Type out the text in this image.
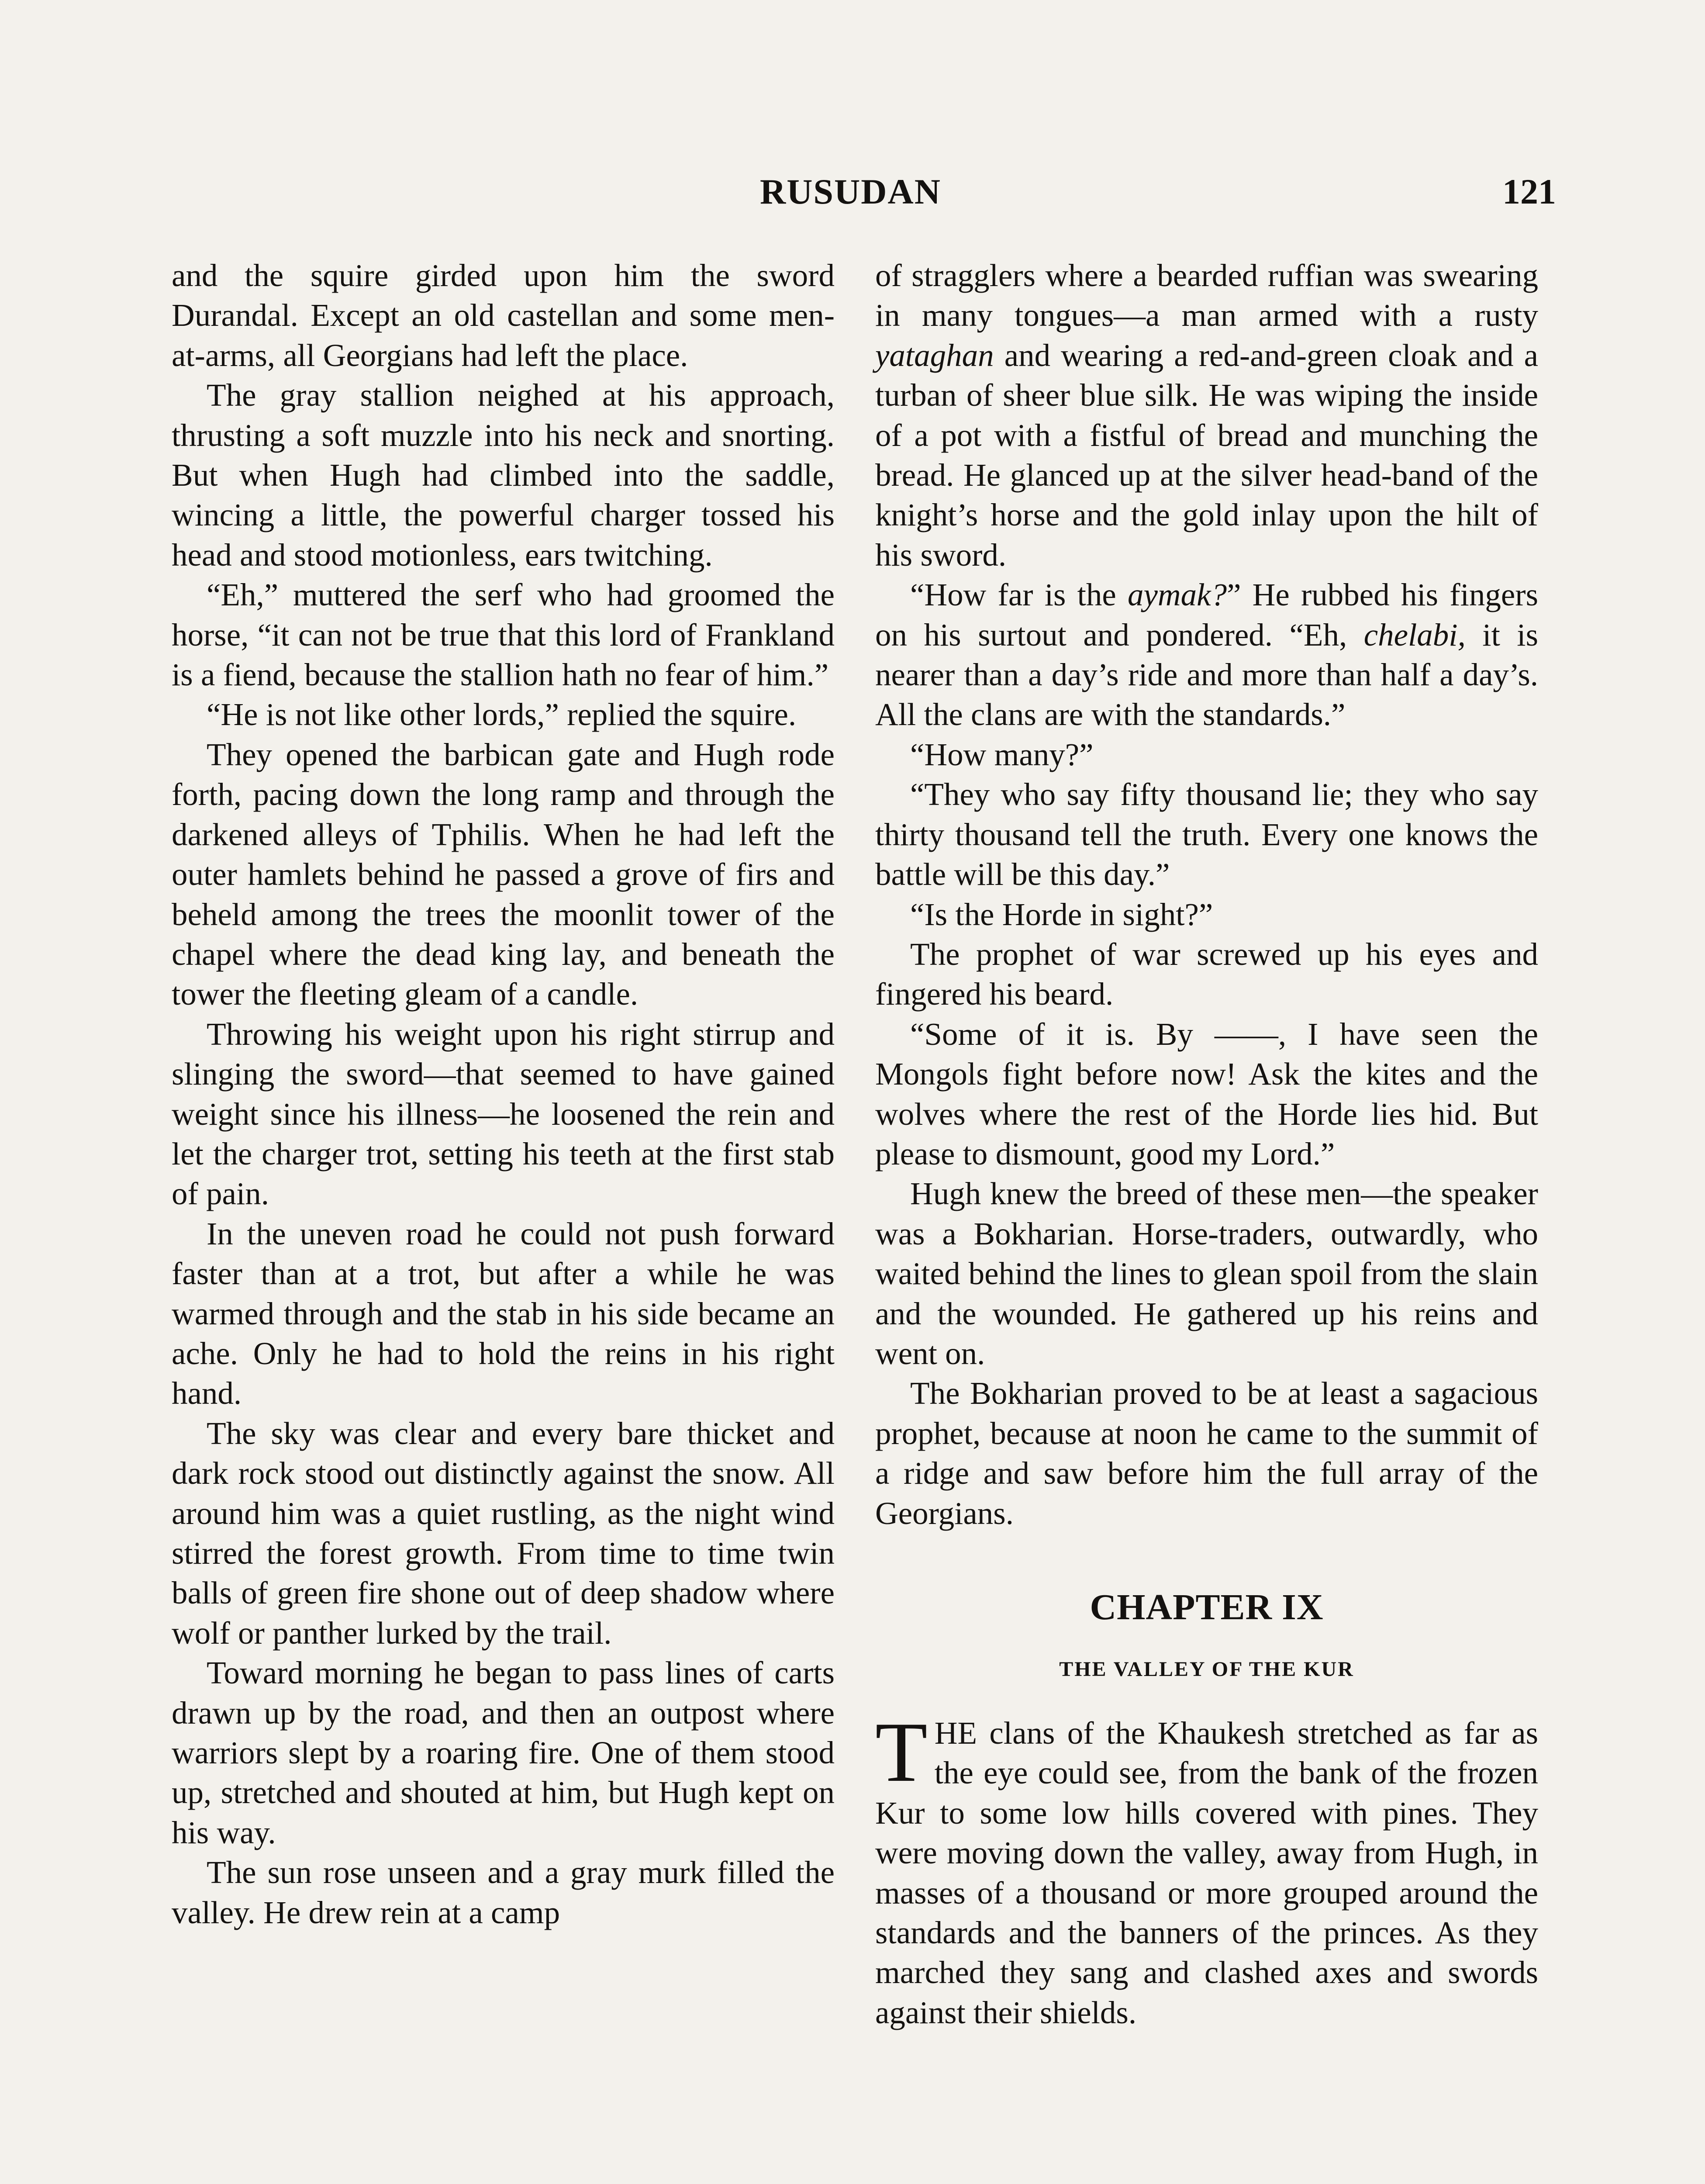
RUSUDAN	121

and the squire girded upon him the sword Durandal. Except an old castellan and some men-at-arms, all Georgians had left the place.

The gray stallion neighed at his approach, thrusting a soft muzzle into his neck and snorting. But when Hugh had climbed into the saddle, wincing a little, the powerful charger tossed his head and stood motionless, ears twitching.

“Eh,” muttered the serf who had groomed the horse, “it can not be true that this lord of Frankland is a fiend, because the stallion hath no fear of him.”

“He is not like other lords,” replied the squire.

They opened the barbican gate and Hugh rode forth, pacing down the long ramp and through the darkened alleys of Tphilis. When he had left the outer hamlets behind he passed a grove of firs and beheld among the trees the moonlit tower of the chapel where the dead king lay, and beneath the tower the fleeting gleam of a candle.

Throwing his weight upon his right stirrup and slinging the sword—that seemed to have gained weight since his illness—he loosened the rein and let the charger trot, setting his teeth at the first stab of pain.

In the uneven road he could not push forward faster than at a trot, but after a while he was warmed through and the stab in his side became an ache. Only he had to hold the reins in his right hand.

The sky was clear and every bare thicket and dark rock stood out distinctly against the snow. All around him was a quiet rustling, as the night wind stirred the forest growth. From time to time twin balls of green fire shone out of deep shadow where wolf or panther lurked by the trail.

Toward morning he began to pass lines of carts drawn up by the road, and then an outpost where warriors slept by a roaring fire. One of them stood up, stretched and shouted at him, but Hugh kept on his way.

The sun rose unseen and a gray murk filled the valley. He drew rein at a camp

of stragglers where a bearded ruffian was swearing in many tongues—a man armed with a rusty yataghan and wearing a red-and-green cloak and a turban of sheer blue silk. He was wiping the inside of a pot with a fistful of bread and munching the bread. He glanced up at the silver head-band of the knight’s horse and the gold inlay upon the hilt of his sword.

“How far is the aymak?” He rubbed his fingers on his surtout and pondered. “Eh, chelabi, it is nearer than a day’s ride and more than half a day’s. All the clans are with the standards.”

“How many?”

“They who say fifty thousand lie; they who say thirty thousand tell the truth. Every one knows the battle will be this day.”

“Is the Horde in sight?”

The prophet of war screwed up his eyes and fingered his beard.

“Some of it is. By ——, I have seen the Mongols fight before now! Ask the kites and the wolves where the rest of the Horde lies hid. But please to dismount, good my Lord.”

Hugh knew the breed of these men—the speaker was a Bokharian. Horse-traders, outwardly, who waited behind the lines to glean spoil from the slain and the wounded. He gathered up his reins and went on.

The Bokharian proved to be at least a sagacious prophet, because at noon he came to the summit of a ridge and saw before him the full array of the Georgians.

CHAPTER IX

THE VALLEY OF THE KUR

THE clans of the Khaukesh stretched as far as the eye could see, from the bank of the frozen Kur to some low hills covered with pines. They were moving down the valley, away from Hugh, in masses of a thousand or more grouped around the standards and the banners of the princes. As they marched they sang and clashed axes and swords against their shields.
